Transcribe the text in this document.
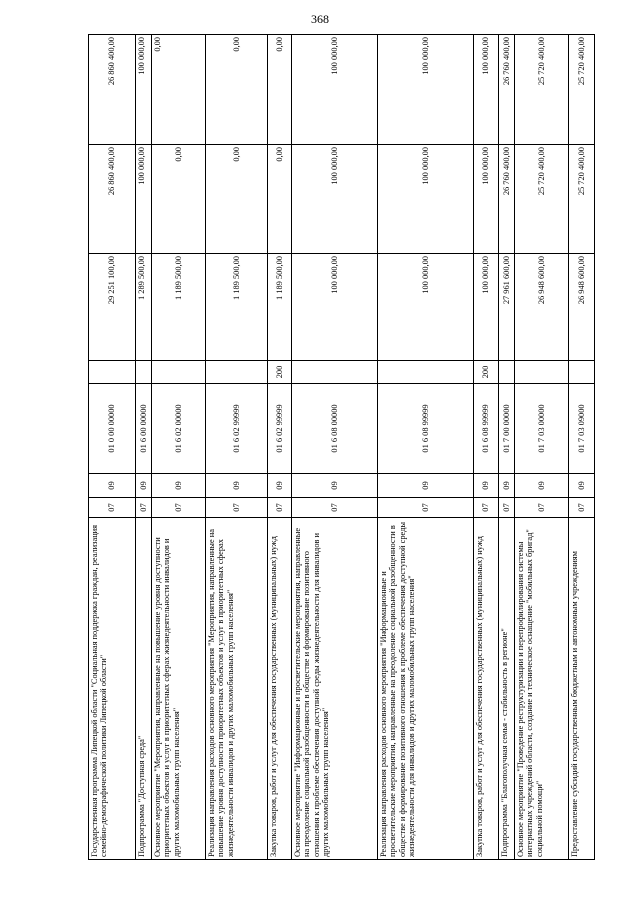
368
Государственная программа Липецкой области "Социальная поддержка граждан, реализация семейно-демографической политики Липецкой области"	07	09	01 0 00 00000		29 251 100,00	26 860 400,00	26 860 400,00
Подпрограмма "Доступная среда"	07	09	01 6 00 00000		1 289 500,00	100 000,00	100 000,00
Основное мероприятие "Мероприятия, направленные на повышение уровня доступности приоритетных объектов и услуг в приоритетных сферах жизнедеятельности инвалидов и других маломобильных групп населения"	07	09	01 6 02 00000		1 189 500,00	0,00	0,00
Реализация направления расходов основного мероприятия "Мероприятия, направленные на повышение уровня доступности приоритетных объектов и услуг в приоритетных сферах жизнедеятельности инвалидов и других маломобильных групп населения"	07	09	01 6 02 99999		1 189 500,00	0,00	0,00
Закупка товаров, работ и услуг для обеспечения государственных (муниципальных) нужд	07	09	01 6 02 99999	200	1 189 500,00	0,00	0,00
Основное мероприятие "Информационные и просветительские мероприятия, направленные на преодоление социальной разобщенности в обществе и формирование позитивного отношения к проблеме обеспечения доступной среды жизнедеятельности для инвалидов и других маломобильных групп населения"	07	09	01 6 08 00000		100 000,00	100 000,00	100 000,00
Реализация направления расходов основного мероприятия "Информационные и просветительские мероприятия, направленные на преодоление социальной разобщенности в обществе и формирование позитивного отношения к проблеме обеспечения доступной среды жизнедеятельности для инвалидов и других маломобильных групп населения"	07	09	01 6 08 99999		100 000,00	100 000,00	100 000,00
Закупка товаров, работ и услуг для обеспечения государственных (муниципальных) нужд	07	09	01 6 08 99999	200	100 000,00	100 000,00	100 000,00
Подпрограмма "Благополучная семья - стабильность в регионе"	07	09	01 7 00 00000		27 961 600,00	26 760 400,00	26 760 400,00
Основное мероприятие "Проведение реструктуризации и перепрофилирования системы интернатных учреждений области, создание и техническое оснащение "мобильных бригад" социальной помощи"	07	09	01 7 03 00000		26 948 600,00	25 720 400,00	25 720 400,00
Предоставление субсидий государственным бюджетным и автономным учреждениям	07	09	01 7 03 09000		26 948 600,00	25 720 400,00	25 720 400,00
